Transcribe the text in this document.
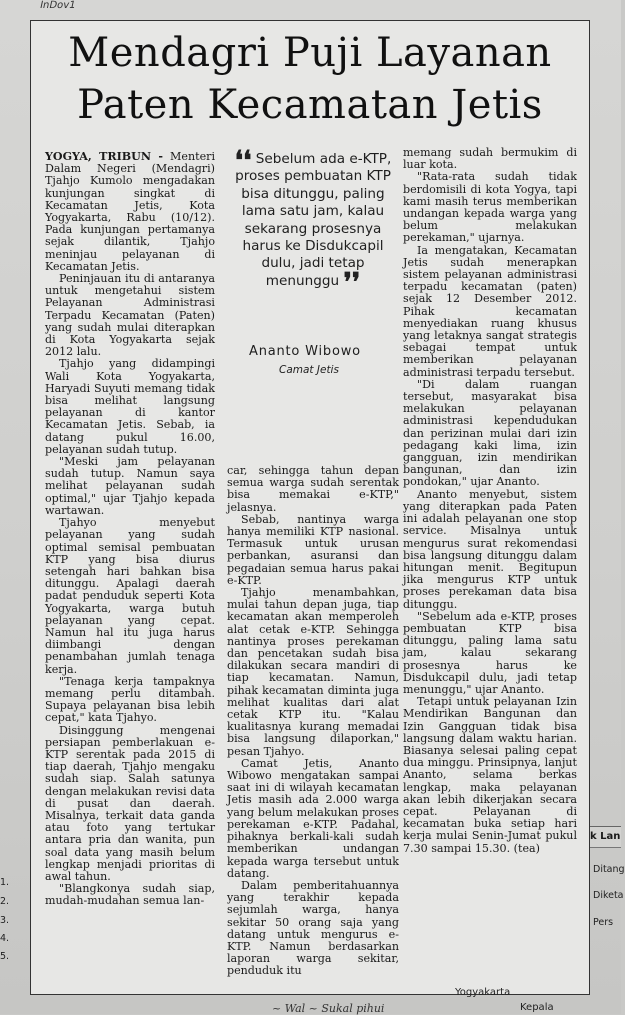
InDov1
Mendagri Puji Layanan
Paten Kecamatan Jetis

YOGYA, TRIBUN - Menteri Dalam Negeri (Mendagri) Tjahjo Kumolo mengadakan kunjungan singkat di Kecamatan Jetis, Kota Yogyakarta, Rabu (10/12). Pada kunjungan pertamanya sejak dilantik, Tjahjo meninjau pelayanan di Kecamatan Jetis.

Peninjauan itu di antaranya untuk mengetahui sistem Pelayanan Administrasi Terpadu Kecamatan (Paten) yang sudah mulai diterapkan di Kota Yogyakarta sejak 2012 lalu.

Tjahjo yang didampingi Wali Kota Yogyakarta, Haryadi Suyuti memang tidak bisa melihat langsung pelayanan di kantor Kecamatan Jetis. Sebab, ia datang pukul 16.00, pelayanan sudah tutup.

"Meski jam pelayanan sudah tutup. Namun saya melihat pelayanan sudah optimal," ujar Tjahjo kepada wartawan.

Tjahyo menyebut pelayanan yang sudah optimal semisal pembuatan KTP yang bisa diurus setengah hari bahkan bisa ditunggu. Apalagi daerah padat penduduk seperti Kota Yogyakarta, warga butuh pelayanan yang cepat. Namun hal itu juga harus diimbangi dengan penambahan jumlah tenaga kerja.

"Tenaga kerja tampaknya memang perlu ditambah. Supaya pelayanan bisa lebih cepat," kata Tjahyo.

Disinggung mengenai persiapan pemberlakuan e-KTP serentak pada 2015 di tiap daerah, Tjahjo mengaku sudah siap. Salah satunya dengan melakukan revisi data di pusat dan daerah. Misalnya, terkait data ganda atau foto yang tertukar antara pria dan wanita, pun soal data yang masih belum lengkap menjadi prioritas di awal tahun.

"Blangkonya sudah siap, mudah-mudahan semua lan-

❛❛ Sebelum ada e-KTP, proses pembuatan KTP bisa ditunggu, paling lama satu jam, kalau sekarang prosesnya harus ke Disdukcapil dulu, jadi tetap menunggu ❜❜
Ananto Wibowo
Camat Jetis

car, sehingga tahun depan semua warga sudah serentak bisa memakai e-KTP," jelasnya.

Sebab, nantinya warga hanya memiliki KTP nasional. Termasuk untuk urusan perbankan, asuransi dan pegadaian semua harus pakai e-KTP.

Tjahjo menambahkan, mulai tahun depan juga, tiap kecamatan akan memperoleh alat cetak e-KTP. Sehingga nantinya proses perekaman dan pencetakan sudah bisa dilakukan secara mandiri di tiap kecamatan. Namun, pihak kecamatan diminta juga melihat kualitas dari alat cetak KTP itu. "Kalau kualitasnya kurang memadai bisa langsung dilaporkan," pesan Tjahyo.

Camat Jetis, Ananto Wibowo mengatakan sampai saat ini di wilayah kecamatan Jetis masih ada 2.000 warga yang belum melakukan proses perekaman e-KTP. Padahal, pihaknya berkali-kali sudah memberikan undangan kepada warga tersebut untuk datang.

Dalam pemberitahuannya yang terakhir kepada sejumlah warga, hanya sekitar 50 orang saja yang datang untuk mengurus e-KTP. Namun berdasarkan laporan warga sekitar, penduduk itu

memang sudah bermukim di luar kota.

"Rata-rata sudah tidak berdomisili di kota Yogya, tapi kami masih terus memberikan undangan kepada warga yang belum melakukan perekaman," ujarnya.

Ia mengatakan, Kecamatan Jetis sudah menerapkan sistem pelayanan administrasi terpadu kecamatan (paten) sejak 12 Desember 2012. Pihak kecamatan menyediakan ruang khusus yang letaknya sangat strategis sebagai tempat untuk memberikan pelayanan administrasi terpadu tersebut.

"Di dalam ruangan tersebut, masyarakat bisa melakukan pelayanan administrasi kependudukan dan perizinan mulai dari izin pedagang kaki lima, izin gangguan, izin mendirikan bangunan, dan izin pondokan," ujar Ananto.

Ananto menyebut, sistem yang diterapkan pada Paten ini adalah pelayanan one stop service. Misalnya untuk mengurus surat rekomendasi bisa langsung ditunggu dalam hitungan menit. Begitupun jika mengurus KTP untuk proses perekaman data bisa ditunggu.

"Sebelum ada e-KTP, proses pembuatan KTP bisa ditunggu, paling lama satu jam, kalau sekarang prosesnya harus ke Disdukcapil dulu, jadi tetap menunggu," ujar Ananto.

Tetapi untuk pelayanan Izin Mendirikan Bangunan dan Izin Gangguan tidak bisa langsung dalam waktu harian. Biasanya selesai paling cepat dua minggu. Prinsipnya, lanjut Ananto, selama berkas lengkap, maka pelayanan akan lebih dikerjakan secara cepat. Pelayanan di kecamatan buka setiap hari kerja mulai Senin-Jumat pukul 7.30 sampai 15.30. (tea)

k Lan
Ditang
Diketa
Pers
1.
2.
3.
4.
5.
Yogyakarta
Kepala
~ Wal ~ Sukal pihui
